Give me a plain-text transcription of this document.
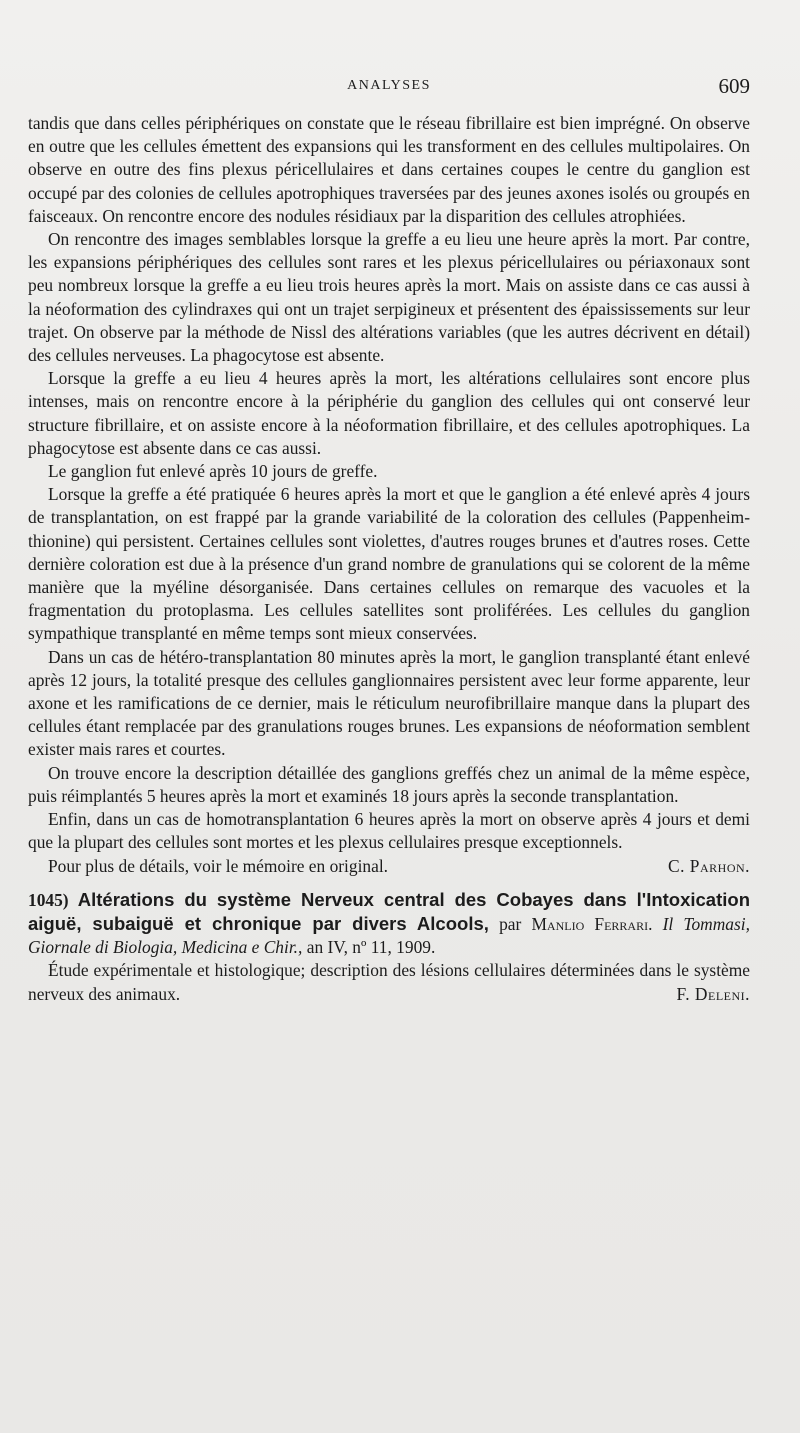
ANALYSES	609

tandis que dans celles périphériques on constate que le réseau fibrillaire est bien imprégné. On observe en outre que les cellules émettent des expansions qui les transforment en des cellules multipolaires. On observe en outre des fins plexus péricellulaires et dans certaines coupes le centre du ganglion est occupé par des colonies de cellules apotrophiques traversées par des jeunes axones isolés ou groupés en faisceaux. On rencontre encore des nodules résidiaux par la disparition des cellules atrophiées.

On rencontre des images semblables lorsque la greffe a eu lieu une heure après la mort. Par contre, les expansions périphériques des cellules sont rares et les plexus péricellulaires ou périaxonaux sont peu nombreux lorsque la greffe a eu lieu trois heures après la mort. Mais on assiste dans ce cas aussi à la néoformation des cylindraxes qui ont un trajet serpigineux et présentent des épaississements sur leur trajet. On observe par la méthode de Nissl des altérations variables (que les autres décrivent en détail) des cellules nerveuses. La phagocytose est absente.

Lorsque la greffe a eu lieu 4 heures après la mort, les altérations cellulaires sont encore plus intenses, mais on rencontre encore à la périphérie du ganglion des cellules qui ont conservé leur structure fibrillaire, et on assiste encore à la néoformation fibrillaire, et des cellules apotrophiques. La phagocytose est absente dans ce cas aussi.

Le ganglion fut enlevé après 10 jours de greffe.

Lorsque la greffe a été pratiquée 6 heures après la mort et que le ganglion a été enlevé après 4 jours de transplantation, on est frappé par la grande variabilité de la coloration des cellules (Pappenheim-thionine) qui persistent. Certaines cellules sont violettes, d'autres rouges brunes et d'autres roses. Cette dernière coloration est due à la présence d'un grand nombre de granulations qui se colorent de la même manière que la myéline désorganisée. Dans certaines cellules on remarque des vacuoles et la fragmentation du protoplasma. Les cellules satellites sont proliférées. Les cellules du ganglion sympathique transplanté en même temps sont mieux conservées.

Dans un cas de hétéro-transplantation 80 minutes après la mort, le ganglion transplanté étant enlevé après 12 jours, la totalité presque des cellules ganglionnaires persistent avec leur forme apparente, leur axone et les ramifications de ce dernier, mais le réticulum neurofibrillaire manque dans la plupart des cellules étant remplacée par des granulations rouges brunes. Les expansions de néoformation semblent exister mais rares et courtes.

On trouve encore la description détaillée des ganglions greffés chez un animal de la même espèce, puis réimplantés 5 heures après la mort et examinés 18 jours après la seconde transplantation.

Enfin, dans un cas de homotransplantation 6 heures après la mort on observe après 4 jours et demi que la plupart des cellules sont mortes et les plexus cellulaires presque exceptionnels.

Pour plus de détails, voir le mémoire en original.	C. Parhon.

1045) Altérations du système Nerveux central des Cobayes dans l'Intoxication aiguë, subaiguë et chronique par divers Alcools, par Manlio Ferrari. Il Tommasi, Giornale di Biologia, Medicina e Chir., an IV, nº 11, 1909.

Étude expérimentale et histologique; description des lésions cellulaires déterminées dans le système nerveux des animaux.	F. Deleni.
